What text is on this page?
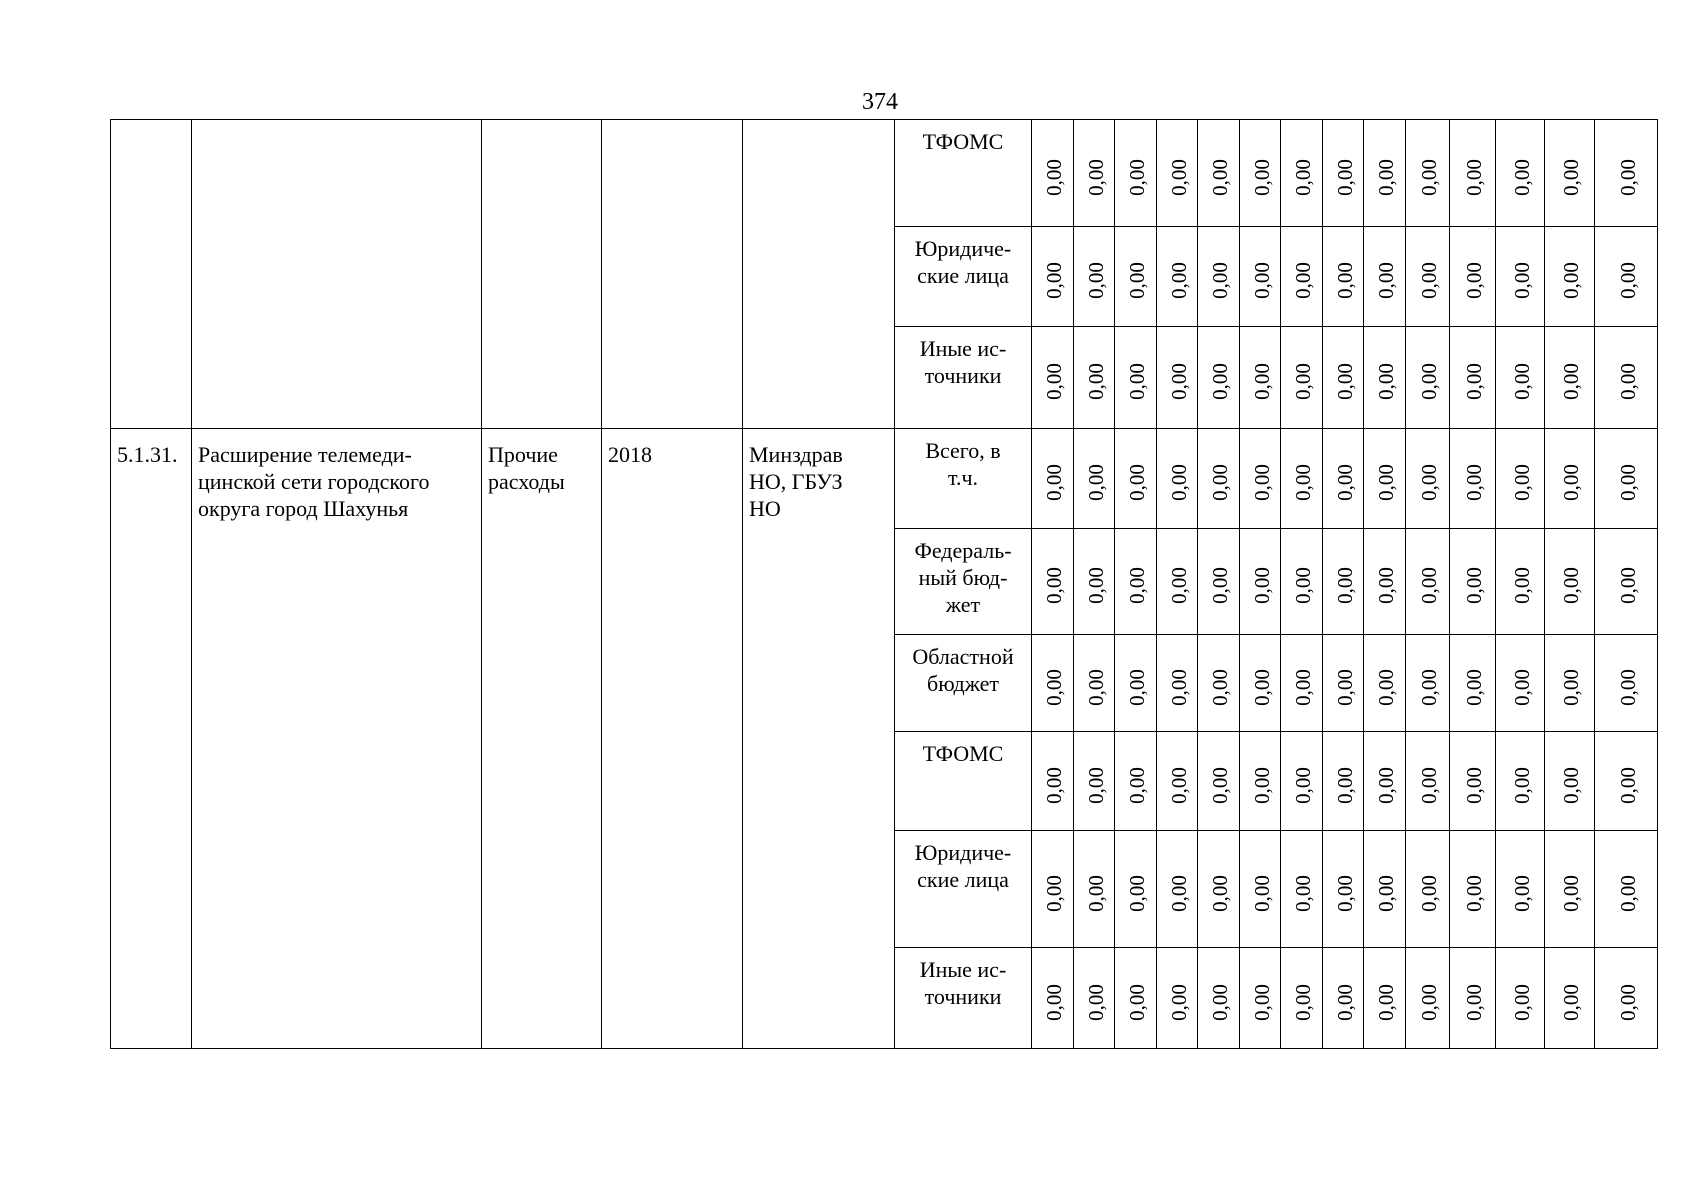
374
					ТФОМС	0,00	0,00	0,00	0,00	0,00	0,00	0,00	0,00	0,00	0,00	0,00	0,00	0,00	0,00

					Юридиче-
ские лица	0,00	0,00	0,00	0,00	0,00	0,00	0,00	0,00	0,00	0,00	0,00	0,00	0,00	0,00

					Иные ис-
точники	0,00	0,00	0,00	0,00	0,00	0,00	0,00	0,00	0,00	0,00	0,00	0,00	0,00	0,00

5.1.31.	Расширение телемеди-
цинской сети городского
округа город Шахунья	Прочие
расходы	2018	Минздрав
НО, ГБУЗ
НО	Всего, в
т.ч.	0,00	0,00	0,00	0,00	0,00	0,00	0,00	0,00	0,00	0,00	0,00	0,00	0,00	0,00

					Федераль-
ный бюд-
жет	0,00	0,00	0,00	0,00	0,00	0,00	0,00	0,00	0,00	0,00	0,00	0,00	0,00	0,00

					Областной
бюджет	0,00	0,00	0,00	0,00	0,00	0,00	0,00	0,00	0,00	0,00	0,00	0,00	0,00	0,00

					ТФОМС	0,00	0,00	0,00	0,00	0,00	0,00	0,00	0,00	0,00	0,00	0,00	0,00	0,00	0,00

					Юридиче-
ские лица	0,00	0,00	0,00	0,00	0,00	0,00	0,00	0,00	0,00	0,00	0,00	0,00	0,00	0,00

					Иные ис-
точники	0,00	0,00	0,00	0,00	0,00	0,00	0,00	0,00	0,00	0,00	0,00	0,00	0,00	0,00
